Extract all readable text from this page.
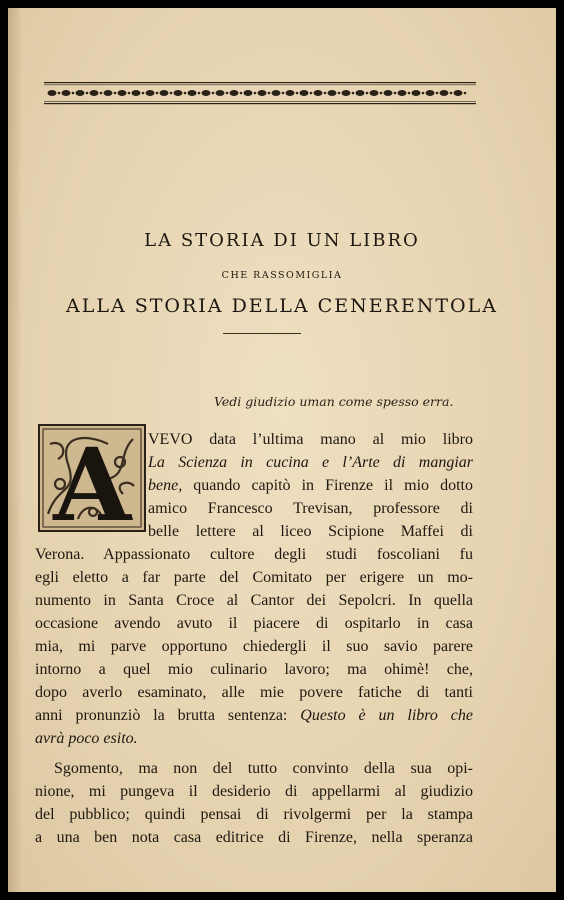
LA STORIA DI UN LIBRO
CHE RASSOMIGLIA
ALLA STORIA DELLA CENERENTOLA
Vedi giudizio uman come spesso erra.
A VEVO data l’ultima mano al mio libro
La Scienza in cucina e l’Arte di mangiar
bene, quando capitò in Firenze il mio dotto
amico Francesco Trevisan, professore di
belle lettere al liceo Scipione Maffei di
Verona. Appassionato cultore degli studi foscoliani fu
egli eletto a far parte del Comitato per erigere un mo-
numento in Santa Croce al Cantor dei Sepolcri. In quella
occasione avendo avuto il piacere di ospitarlo in casa
mia, mi parve opportuno chiedergli il suo savio parere
intorno a quel mio culinario lavoro; ma ohimè! che,
dopo averlo esaminato, alle mie povere fatiche di tanti
anni pronunziò la brutta sentenza: Questo è un libro che
avrà poco esito.
Sgomento, ma non del tutto convinto della sua opi-
nione, mi pungeva il desiderio di appellarmi al giudizio
del pubblico; quindi pensai di rivolgermi per la stampa
a una ben nota casa editrice di Firenze, nella speranza
